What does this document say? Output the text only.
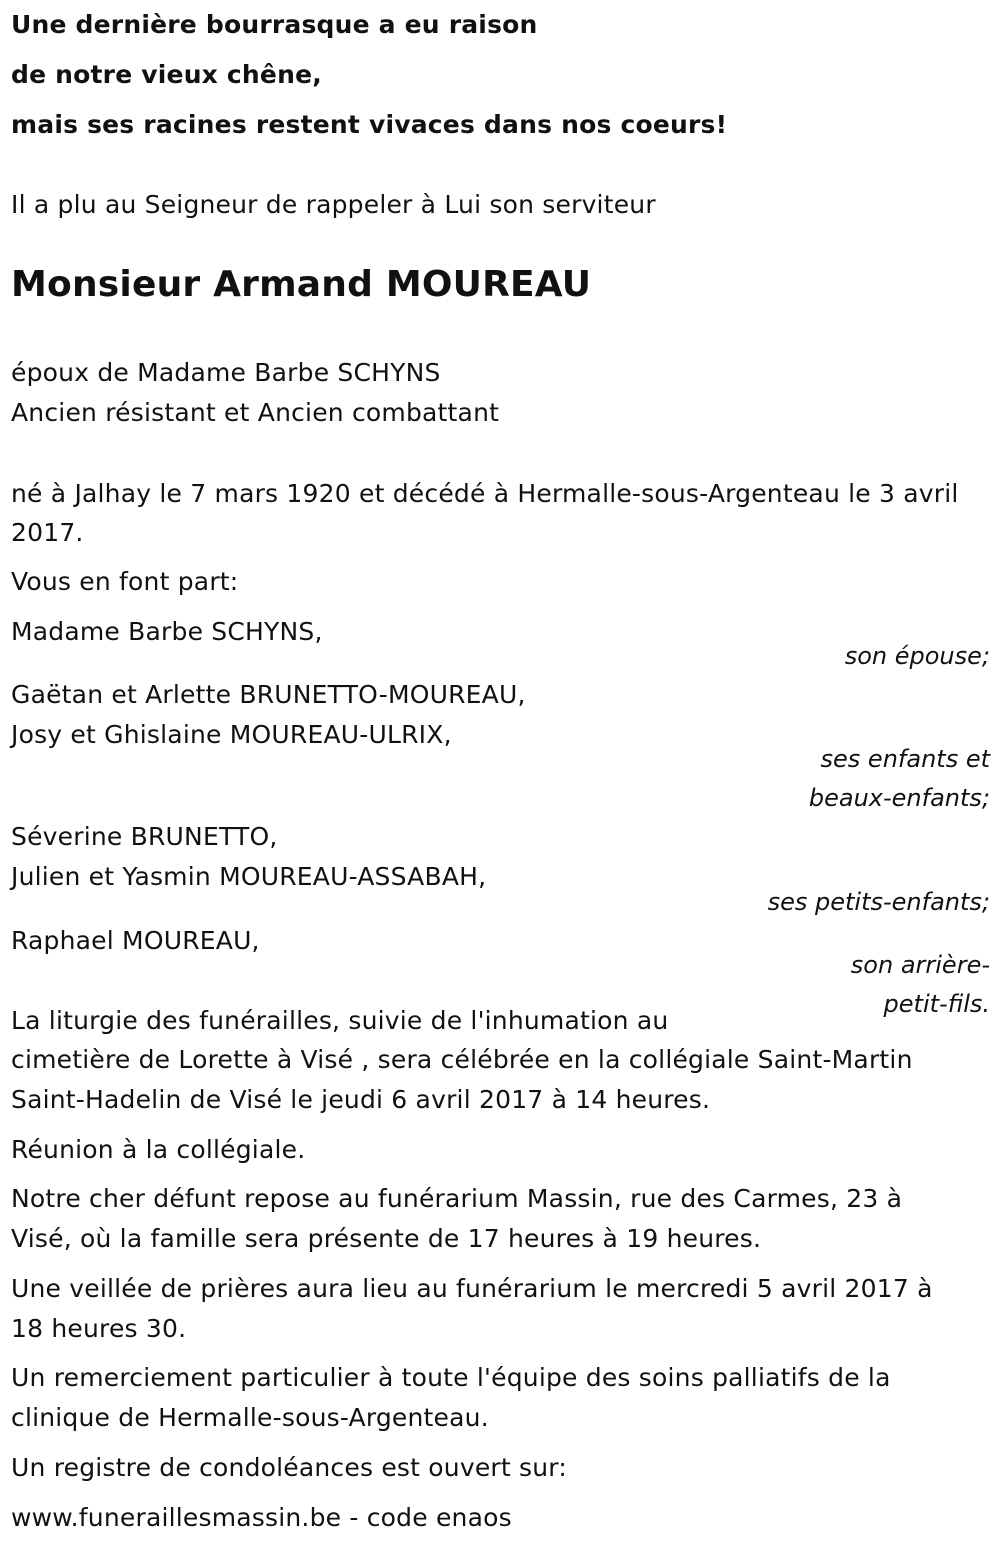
Une dernière bourrasque a eu raison

de notre vieux chêne,

mais ses racines restent vivaces dans nos coeurs!

Il a plu au Seigneur de rappeler à Lui son serviteur

Monsieur Armand MOUREAU

époux de Madame Barbe SCHYNS

Ancien résistant et Ancien combattant

né à Jalhay le 7 mars 1920 et décédé à Hermalle-sous-Argenteau le 3 avril

2017.

Vous en font part:

Madame Barbe SCHYNS,

son épouse;

Gaëtan et Arlette BRUNETTO-MOUREAU,

Josy et Ghislaine MOUREAU-ULRIX,

ses enfants et

beaux-enfants;

Séverine BRUNETTO,

Julien et Yasmin MOUREAU-ASSABAH,

ses petits-enfants;

Raphael MOUREAU,

son arrière-

petit-fils.

La liturgie des funérailles, suivie de l'inhumation au

cimetière de Lorette à Visé , sera célébrée en la collégiale Saint-Martin

Saint-Hadelin de Visé le jeudi 6 avril 2017 à 14 heures.

Réunion à la collégiale.

Notre cher défunt repose au funérarium Massin, rue des Carmes, 23 à

Visé, où la famille sera présente de 17 heures à 19 heures.

Une veillée de prières aura lieu au funérarium le mercredi 5 avril 2017 à

18 heures 30.

Un remerciement particulier à toute l'équipe des soins palliatifs de la

clinique de Hermalle-sous-Argenteau.

Un registre de condoléances est ouvert sur:

www.funeraillesmassin.be - code enaos
